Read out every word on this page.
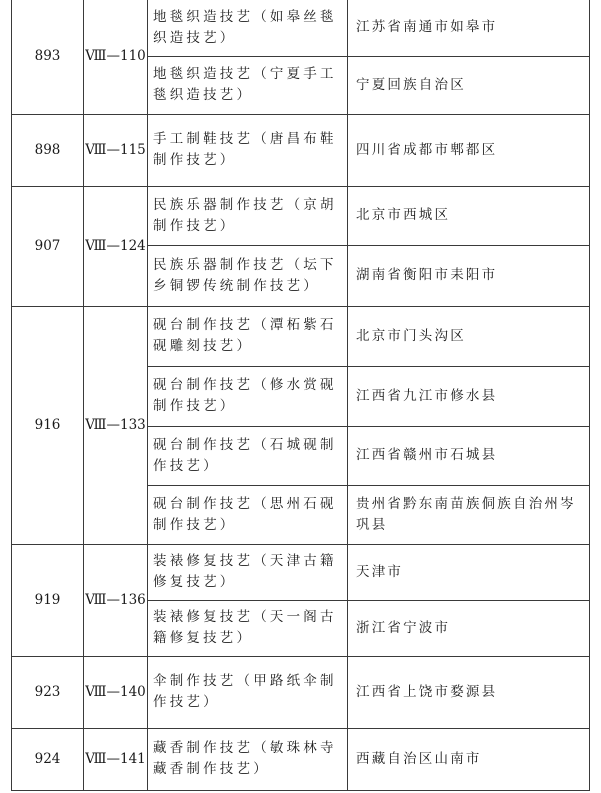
893	Ⅷ—110	地毯织造技艺（如皋丝毯织造技艺）	江苏省南通市如皋市
		地毯织造技艺（宁夏手工毯织造技艺）	宁夏回族自治区
898	Ⅷ—115	手工制鞋技艺（唐昌布鞋制作技艺）	四川省成都市郫都区
907	Ⅷ—124	民族乐器制作技艺（京胡制作技艺）	北京市西城区
		民族乐器制作技艺（坛下乡铜锣传统制作技艺）	湖南省衡阳市耒阳市
916	Ⅷ—133	砚台制作技艺（潭柘紫石砚雕刻技艺）	北京市门头沟区
		砚台制作技艺（修水赏砚制作技艺）	江西省九江市修水县
		砚台制作技艺（石城砚制作技艺）	江西省赣州市石城县
		砚台制作技艺（思州石砚制作技艺）	贵州省黔东南苗族侗族自治州岑巩县
919	Ⅷ—136	装裱修复技艺（天津古籍修复技艺）	天津市
		装裱修复技艺（天一阁古籍修复技艺）	浙江省宁波市
923	Ⅷ—140	伞制作技艺（甲路纸伞制作技艺）	江西省上饶市婺源县
924	Ⅷ—141	藏香制作技艺（敏珠林寺藏香制作技艺）	西藏自治区山南市
